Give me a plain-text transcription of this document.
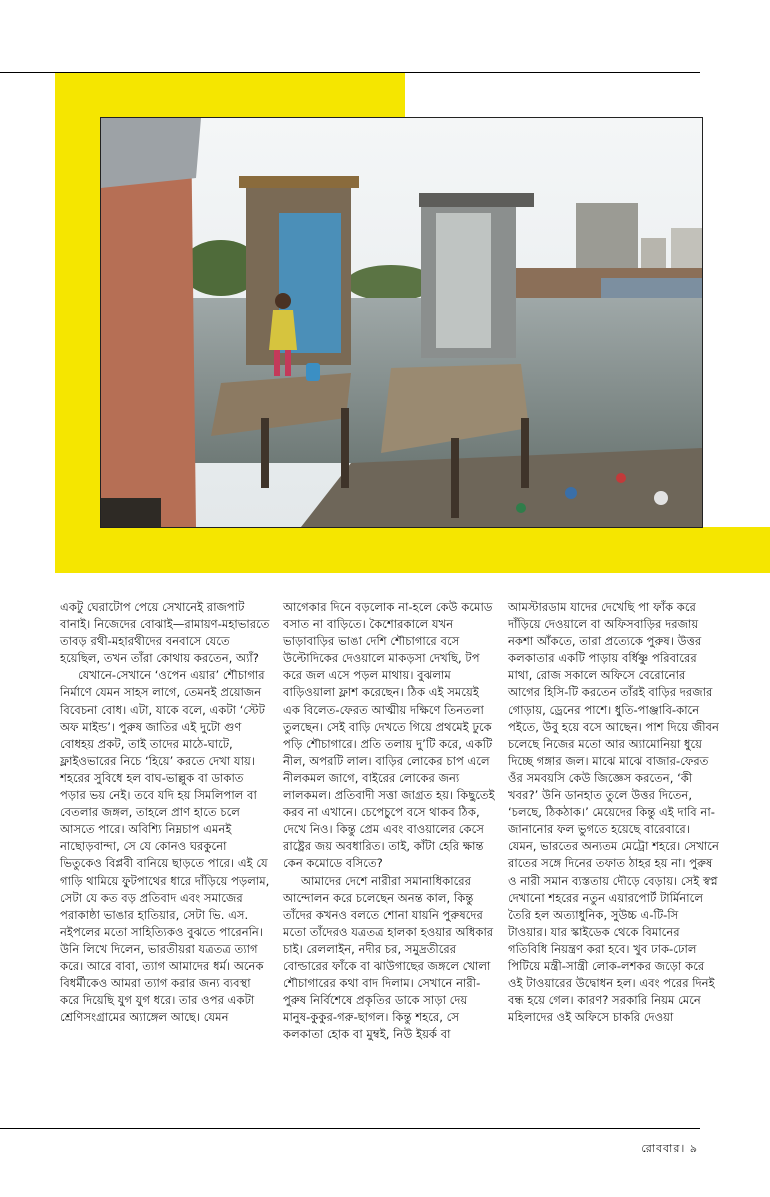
একটু ঘেরাটোপ পেয়ে সেখানেই রাজপাট বানাই। নিজেদের বোঝাই—রামায়ণ-মহাভারতে তাবড় রথী-মহারথীদের বনবাসে যেতে হয়েছিল, তখন তাঁরা কোথায় করতেন, অ্যাঁ?

যেখানে-সেখানে ‘ওপেন এয়ার’ শৌচাগার নির্মাণে যেমন সাহস লাগে, তেমনই প্রয়োজন বিবেচনা বোধ। এটা, যাকে বলে, একটা ‘স্টেট অফ মাইন্ড’। পুরুষ জাতির এই দুটো গুণ বোধহয় প্রকট, তাই তাদের মাঠে-ঘাটে, ফ্লাইওভারের নিচে ‘হিয়ে’ করতে দেখা যায়। শহরের সুবিধে হল বাঘ-ভাল্লুক বা ডাকাত পড়ার ভয় নেই। তবে যদি হয় সিমলিপাল বা বেতলার জঙ্গল, তাহলে প্রাণ হাতে চলে আসতে পারে। অবিশ্যি নিম্নচাপ এমনই নাছোড়বান্দা, সে যে কোনও ঘরকুনো ভিতুকেও বিপ্লবী বানিয়ে ছাড়তে পারে। এই যে গাড়ি থামিয়ে ফুটপাথের ধারে দাঁড়িয়ে পড়লাম, সেটা যে কত বড় প্রতিবাদ এবং সমাজের পরাকাষ্ঠা ভাঙার হাতিয়ার, সেটা ভি. এস. নইপলের মতো সাহিত্যিকও বুঝতে পারেননি। উনি লিখে দিলেন, ভারতীয়রা যত্রতত্র ত্যাগ করে। আরে বাবা, ত্যাগ আমাদের ধর্ম। অনেক বিধর্মীকেও আমরা ত্যাগ করার জন্য ব্যবস্থা করে দিয়েছি যুগ যুগ ধরে। তার ওপর একটা শ্রেণিসংগ্রামের অ্যাঙ্গেল আছে। যেমন

আগেকার দিনে বড়লোক না-হলে কেউ কমোড বসাত না বাড়িতে। কৈশোরকালে যখন ভাড়াবাড়ির ভাঙা দেশি শৌচাগারে বসে উল্টোদিকের দেওয়ালে মাকড়সা দেখছি, টপ করে জল এসে পড়ল মাথায়। বুঝলাম বাড়িওয়ালা ফ্লাশ করেছেন। ঠিক এই সময়েই এক বিলেত-ফেরত আত্মীয় দক্ষিণে তিনতলা তুলছেন। সেই বাড়ি দেখতে গিয়ে প্রথমেই ঢুকে পড়ি শৌচাগারে। প্রতি তলায় দু’টি করে, একটি নীল, অপরটি লাল। বাড়ির লোকের চাপ এলে নীলকমল জাগে, বাইরের লোকের জন্য লালকমল। প্রতিবাদী সত্তা জাগ্রত হয়। কিছুতেই করব না এখানে। চেপেচুপে বসে থাকব ঠিক, দেখে নিও। কিন্তু প্রেম এবং বাওয়ালের কেসে রাষ্ট্রের জয় অবধারিত। তাই, কাঁটা হেরি ক্ষান্ত কেন কমোডে বসিতে?

আমাদের দেশে নারীরা সমানাধিকারের আন্দোলন করে চলেছেন অনন্ত কাল, কিন্তু তাঁদের কখনও বলতে শোনা যায়নি পুরুষদের মতো তাঁদেরও যত্রতত্র হালকা হওয়ার অধিকার চাই। রেললাইন, নদীর চর, সমুদ্রতীরের বোল্ডারের ফাঁকে বা ঝাউগাছের জঙ্গলে খোলা শৌচাগারের কথা বাদ দিলাম। সেখানে নারী-পুরুষ নির্বিশেষে প্রকৃতির ডাকে সাড়া দেয় মানুষ-কুকুর-গরু-ছাগল। কিন্তু শহরে, সে কলকাতা হোক বা মুম্বই, নিউ ইয়র্ক বা

আমস্টারডাম যাদের দেখেছি পা ফাঁক করে দাঁড়িয়ে দেওয়ালে বা অফিসবাড়ির দরজায় নকশা আঁকতে, তারা প্রত্যেকে পুরুষ। উত্তর কলকাতার একটি পাড়ায় বর্ধিষ্ণু পরিবারের মাথা, রোজ সকালে অফিসে বেরোনোর আগের হিসি-টি করতেন তাঁরই বাড়ির দরজার গোড়ায়, ড্রেনের পাশে। ধুতি-পাঞ্জাবি-কানে পইতে, উবু হয়ে বসে আছেন। পাশ দিয়ে জীবন চলেছে নিজের মতো আর অ্যামোনিয়া ধুয়ে দিচ্ছে গঙ্গার জল। মাঝে মাঝে বাজার-ফেরত ওঁর সমবয়সি কেউ জিজ্ঞেস করতেন, ‘কী খবর?’ উনি ডানহাত তুলে উত্তর দিতেন, ‘চলছে, ঠিকঠাক।’ মেয়েদের কিন্তু এই দাবি না-জানানোর ফল ভুগতে হয়েছে বারেবারে। যেমন, ভারতের অন্যতম মেট্রো শহরে। সেখানে রাতের সঙ্গে দিনের তফাত ঠাহর হয় না। পুরুষ ও নারী সমান ব্যস্ততায় দৌড়ে বেড়ায়। সেই স্বপ্ন দেখানো শহরের নতুন এয়ারপোর্ট টার্মিনালে তৈরি হল অত্যাধুনিক, সুউচ্চ এ-টি-সি টাওয়ার। যার স্কাইডেক থেকে বিমানের গতিবিধি নিয়ন্ত্রণ করা হবে। খুব ঢাক-ঢোল পিটিয়ে মন্ত্রী-সান্ত্রী লোক-লশকর জড়ো করে ওই টাওয়ারের উদ্বোধন হল। এবং পরের দিনই বন্ধ হয়ে গেল। কারণ? সরকারি নিয়ম মেনে মহিলাদের ওই অফিসে চাকরি দেওয়া

রোববার। ৯
